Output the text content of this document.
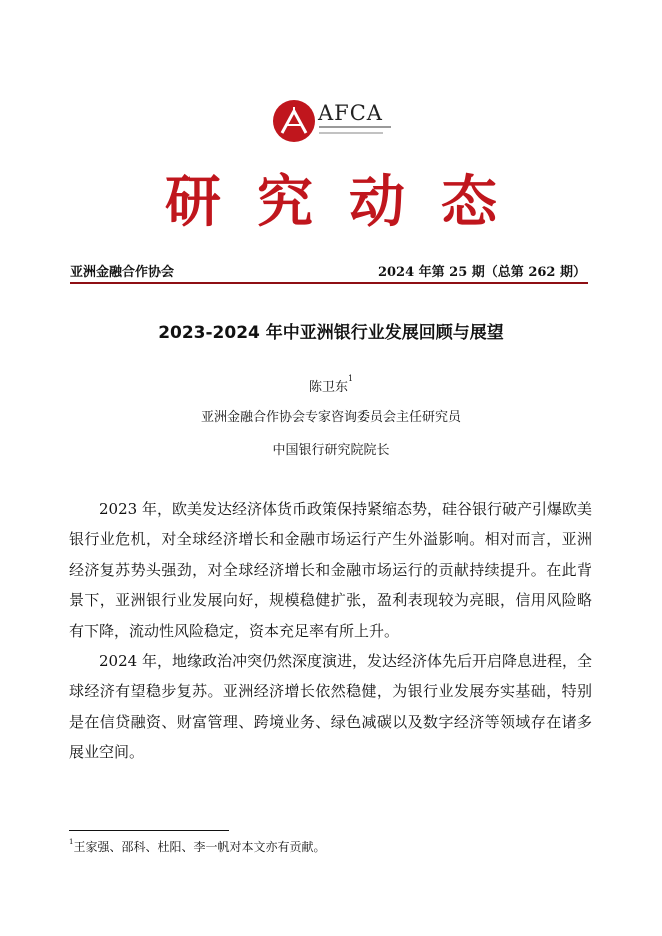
AFCA
研究动态
亚洲金融合作协会	2024 年第 25 期（总第 262 期）
2023-2024 年中亚洲银行业发展回顾与展望
陈卫东$^1$
亚洲金融合作协会专家咨询委员会主任研究员
中国银行研究院院长

2023 年，欧美发达经济体货币政策保持紧缩态势，硅谷银行破产引爆欧美银行业危机，对全球经济增长和金融市场运行产生外溢影响。相对而言，亚洲经济复苏势头强劲，对全球经济增长和金融市场运行的贡献持续提升。在此背景下，亚洲银行业发展向好，规模稳健扩张，盈利表现较为亮眼，信用风险略有下降，流动性风险稳定，资本充足率有所上升。

2024 年，地缘政治冲突仍然深度演进，发达经济体先后开启降息进程，全球经济有望稳步复苏。亚洲经济增长依然稳健，为银行业发展夯实基础，特别是在信贷融资、财富管理、跨境业务、绿色减碳以及数字经济等领域存在诸多展业空间。

$^1$王家强、邵科、杜阳、李一帆对本文亦有贡献。
